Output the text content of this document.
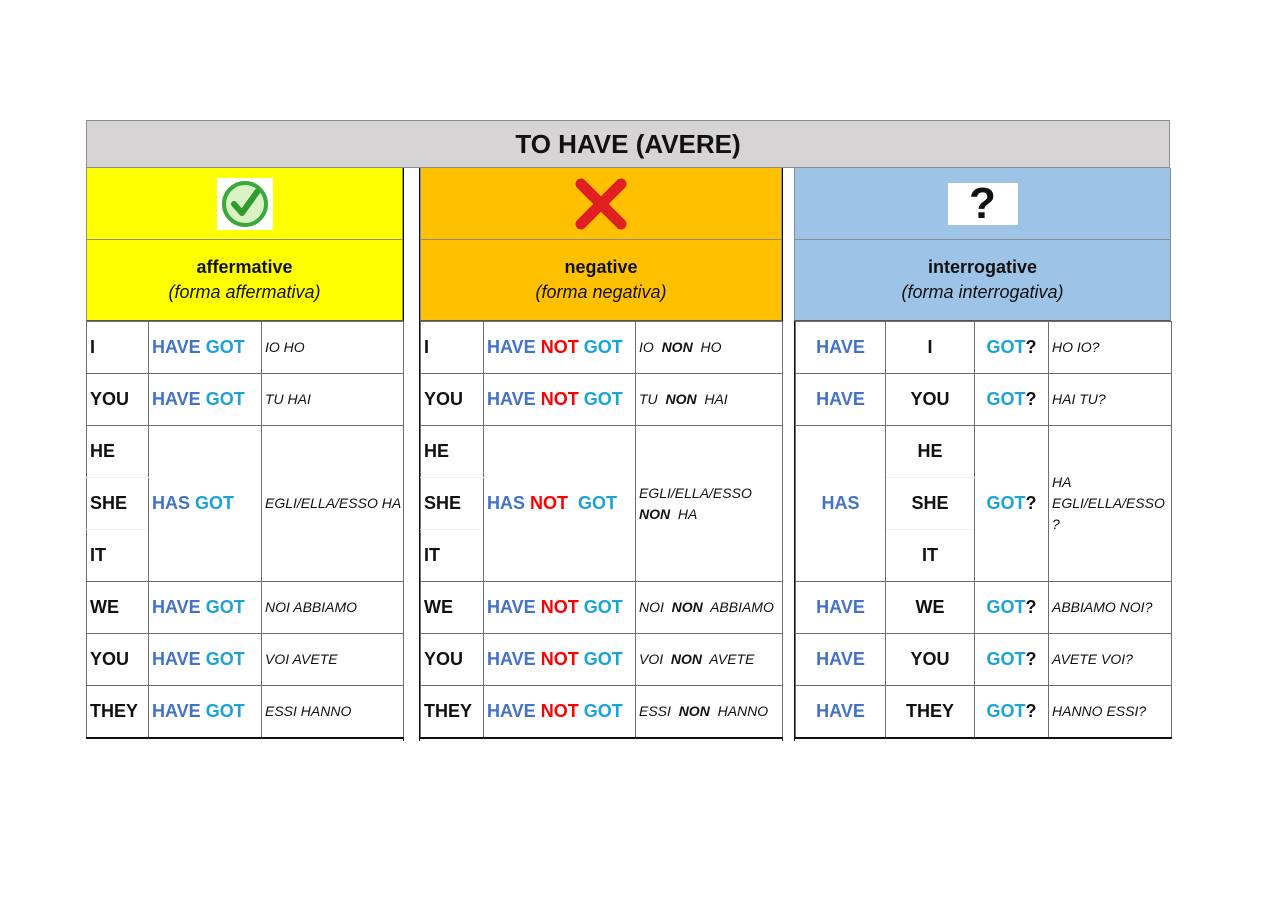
TO HAVE (AVERE)
affermative
(forma affermativa)
negative
(forma negativa)
?
interrogative
(forma interrogativa)
I	HAVE GOT	IO HO
YOU	HAVE GOT	TU HAI
HE	HAS GOT	EGLI/ELLA/ESSO HA
SHE		
IT		
WE	HAVE GOT	NOI ABBIAMO
YOU	HAVE GOT	VOI AVETE
THEY	HAVE GOT	ESSI HANNO
I	HAVE NOT GOT	IO NON HO
YOU	HAVE NOT GOT	TU NON HAI
HE	HAS NOT GOT	EGLI/ELLA/ESSO
NON HA
SHE		
IT		
WE	HAVE NOT GOT	NOI NON ABBIAMO
YOU	HAVE NOT GOT	VOI NON AVETE
THEY	HAVE NOT GOT	ESSI NON HANNO
HAVE	I	GOT?	HO IO?
HAVE	YOU	GOT?	HAI TU?
HAS	HE	GOT?	HA EGLI/ELLA/ESSO ?
	SHE		
	IT		
HAVE	WE	GOT?	ABBIAMO NOI?
HAVE	YOU	GOT?	AVETE VOI?
HAVE	THEY	GOT?	HANNO ESSI?
